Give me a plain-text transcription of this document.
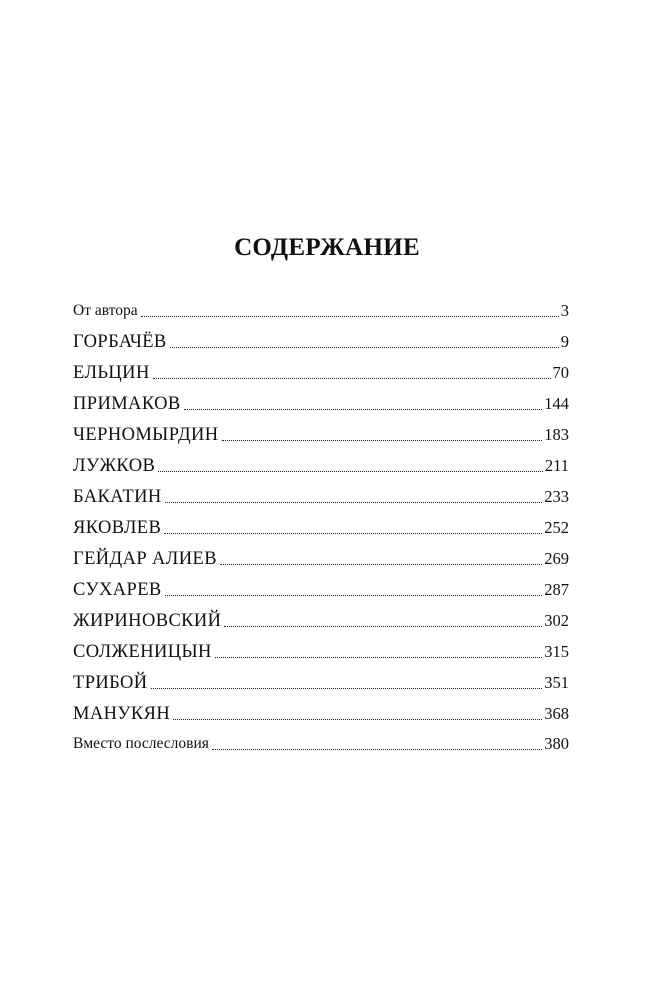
СОДЕРЖАНИЕ
От автора	3
ГОРБАЧЁВ	9
ЕЛЬЦИН	70
ПРИМАКОВ	144
ЧЕРНОМЫРДИН	183
ЛУЖКОВ	211
БАКАТИН	233
ЯКОВЛЕВ	252
ГЕЙДАР АЛИЕВ	269
СУХАРЕВ	287
ЖИРИНОВСКИЙ	302
СОЛЖЕНИЦЫН	315
ТРИБОЙ	351
МАНУКЯН	368
Вместо послесловия	380
